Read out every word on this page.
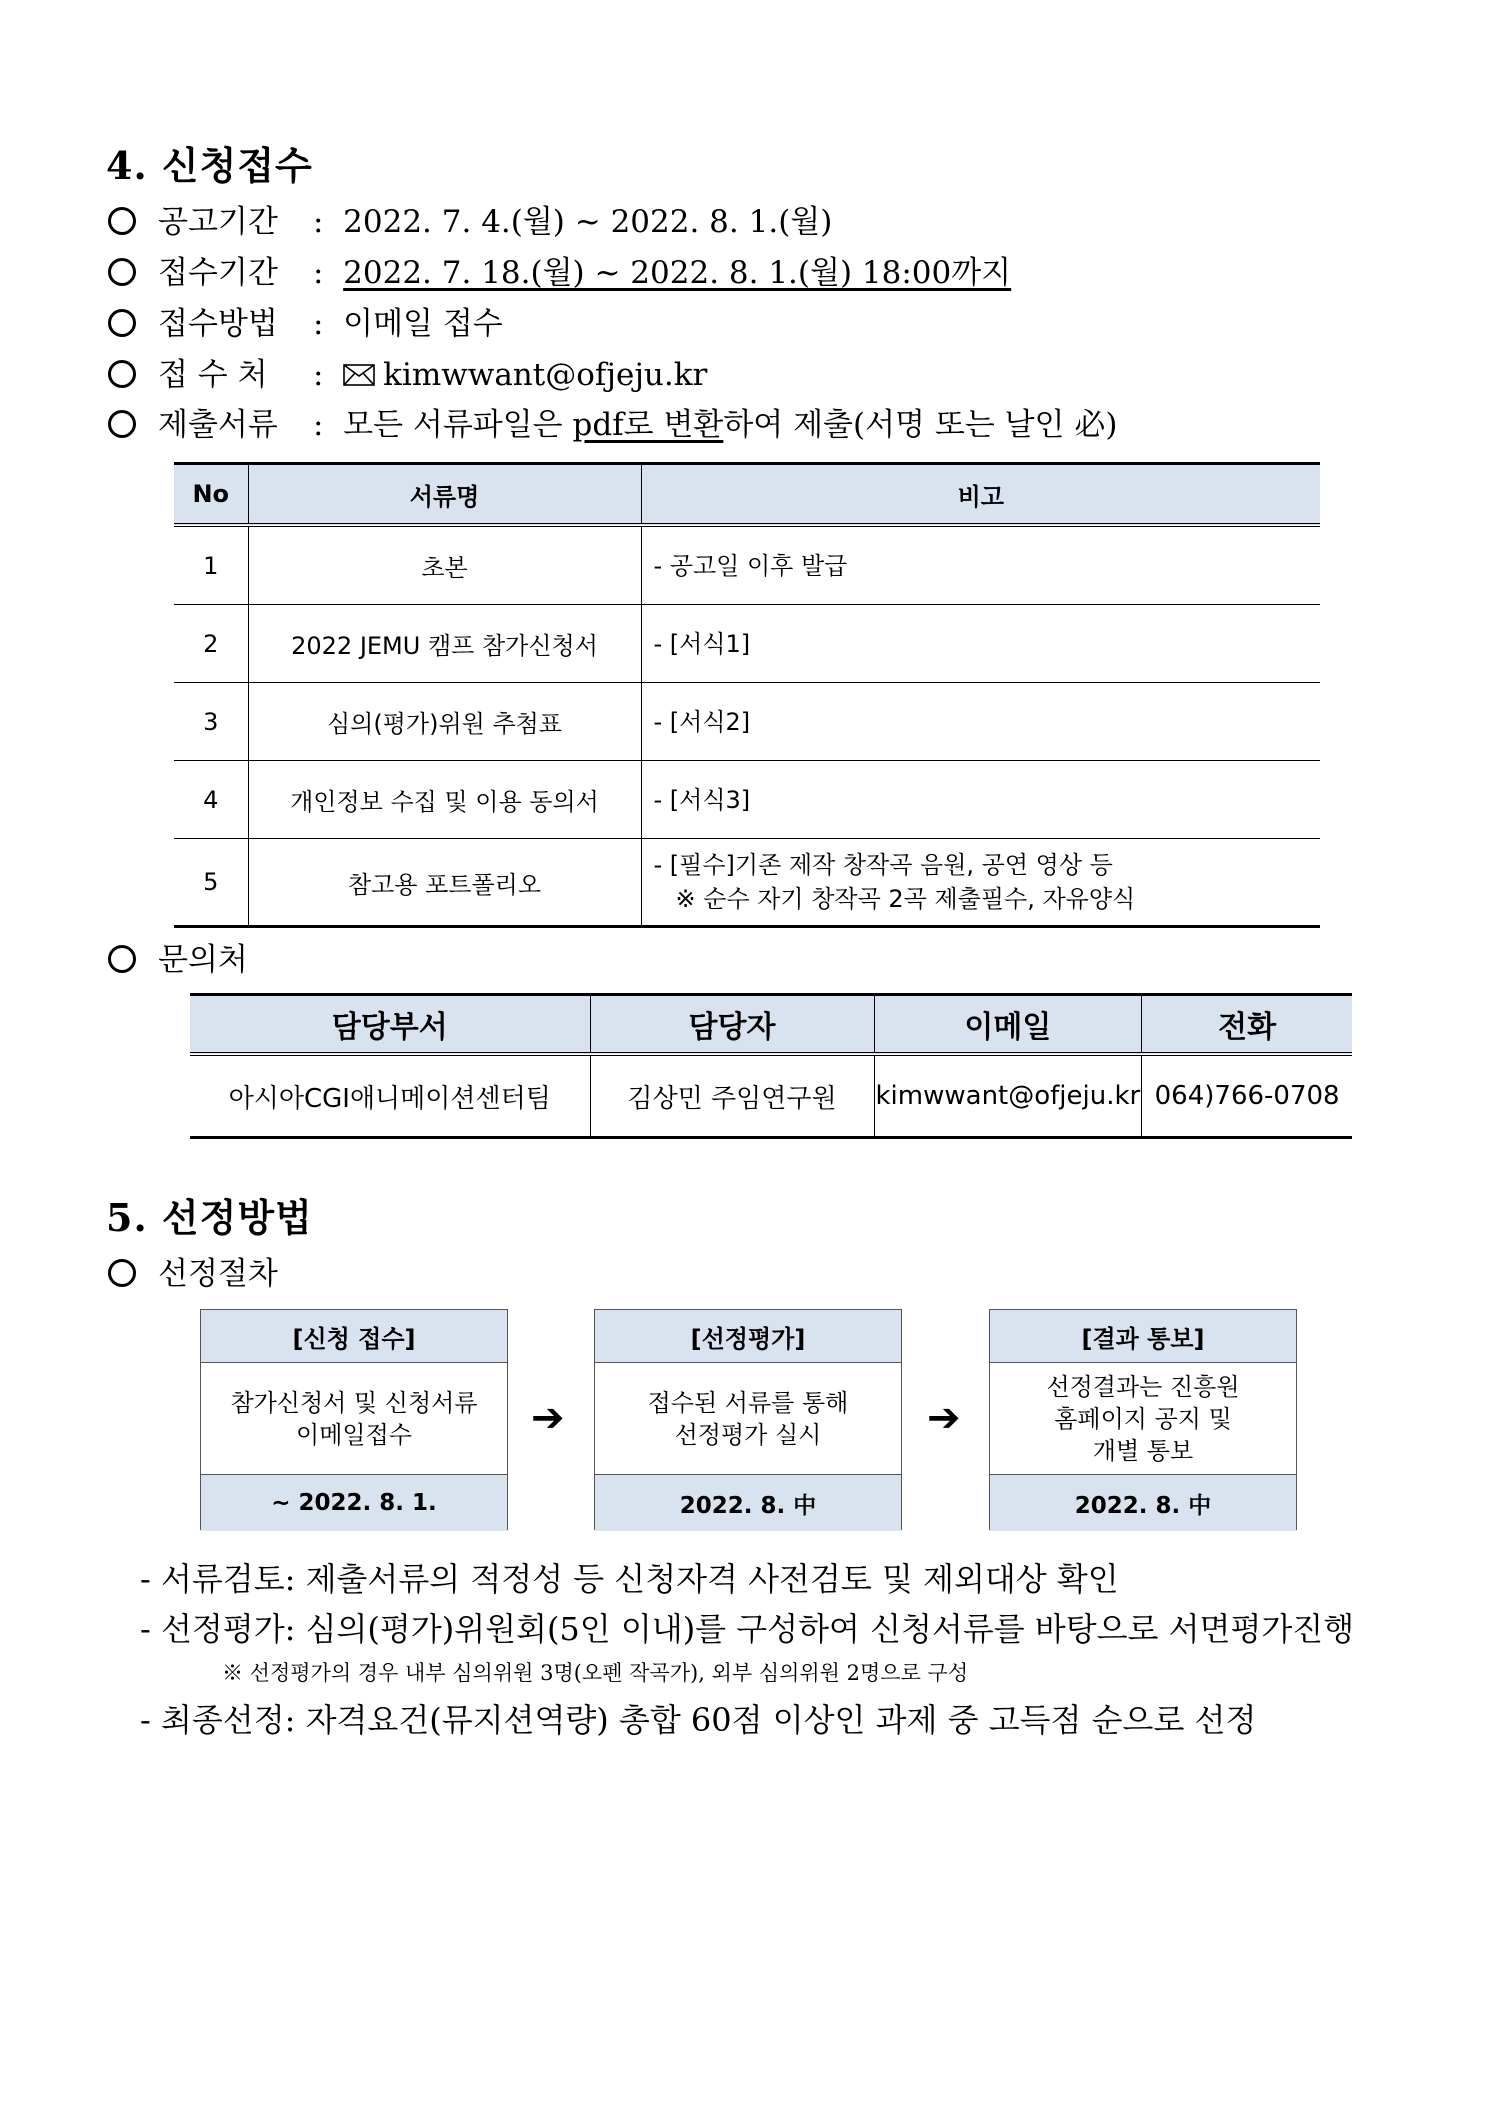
4. 신청접수
공고기간 :  2022. 7. 4.(월) ~ 2022. 8. 1.(월)
접수기간 :  2022. 7. 18.(월) ~ 2022. 8. 1.(월) 18:00까지
접수방법 :  이메일 접수
접 수 처 :  kimwwant@ofjeju.kr
제출서류 :  모든 서류파일은 pdf로 변환하여 제출(서명 또는 날인 必)
No	서류명	비고
1	초본	- 공고일 이후 발급
2	2022 JEMU 캠프 참가신청서	- [서식1]
3	심의(평가)위원 추첨표	- [서식2]
4	개인정보 수집 및 이용 동의서	- [서식3]
5	참고용 포트폴리오	- [필수]기존 제작 창작곡 음원, 공연 영상 등
※ 순수 자기 창작곡 2곡 제출필수, 자유양식
문의처
담당부서	담당자	이메일	전화
아시아CGI애니메이션센터팀	김상민 주임연구원	kimwwant@ofjeju.kr	064)766-0708
5. 선정방법
선정절차
[신청 접수]
참가신청서 및 신청서류
이메일접수
~ 2022. 8. 1.
➔
[선정평가]
접수된 서류를 통해
선정평가 실시
2022. 8. 中
➔
[결과 통보]
선정결과는 진흥원
홈페이지 공지 및
개별 통보
2022. 8. 中
- 서류검토: 제출서류의 적정성 등 신청자격 사전검토 및 제외대상 확인
- 선정평가: 심의(평가)위원회(5인 이내)를 구성하여 신청서류를 바탕으로 서면평가진행
※ 선정평가의 경우 내부 심의위원 3명(오펜 작곡가), 외부 심의위원 2명으로 구성
- 최종선정: 자격요건(뮤지션역량) 총합 60점 이상인 과제 중 고득점 순으로 선정
